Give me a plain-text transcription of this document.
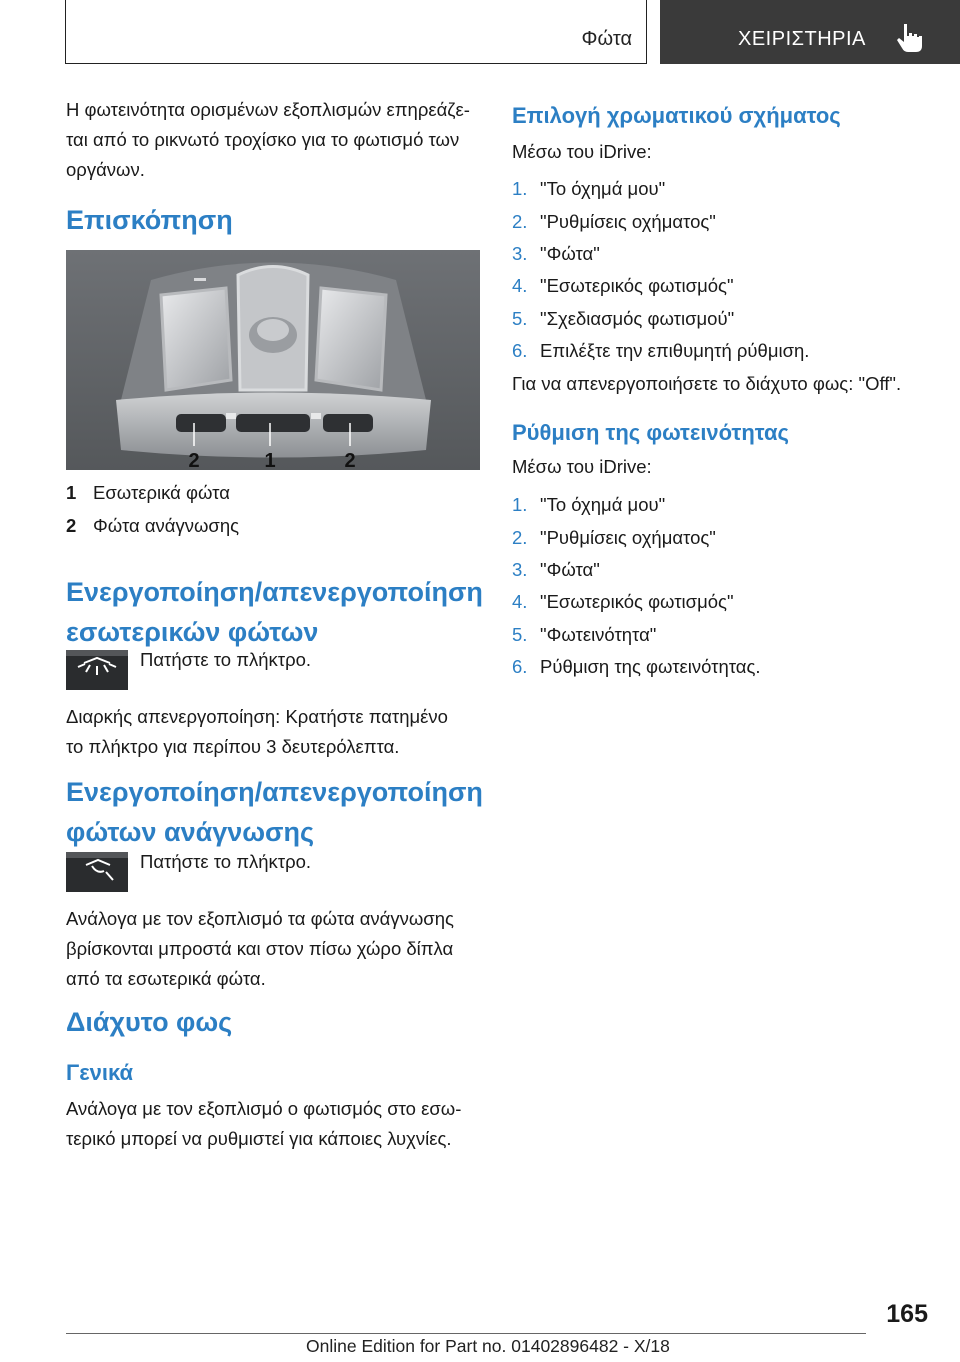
Φώτα	ΧΕΙΡΙΣΤΗΡΙΑ
Η φωτεινότητα ορισμένων εξοπλισμών επηρεάζε-
ται από το ρικνωτό τροχίσκο για το φωτισμό των
οργάνων.
Επισκόπηση
2	1	2
1 Εσωτερικά φώτα
2 Φώτα ανάγνωσης
Ενεργοποίηση/απενεργοποίηση
εσωτερικών φώτων
Πατήστε το πλήκτρο.
Διαρκής απενεργοποίηση: Κρατήστε πατημένο
το πλήκτρο για περίπου 3 δευτερόλεπτα.
Ενεργοποίηση/απενεργοποίηση
φώτων ανάγνωσης
Πατήστε το πλήκτρο.
Ανάλογα με τον εξοπλισμό τα φώτα ανάγνωσης
βρίσκονται μπροστά και στον πίσω χώρο δίπλα
από τα εσωτερικά φώτα.
Διάχυτο φως
Γενικά
Ανάλογα με τον εξοπλισμό ο φωτισμός στο εσω-
τερικό μπορεί να ρυθμιστεί για κάποιες λυχνίες.
Επιλογή χρωματικού σχήματος
Μέσω του iDrive:
1. "Το όχημά μου"
2. "Ρυθμίσεις οχήματος"
3. "Φώτα"
4. "Εσωτερικός φωτισμός"
5. "Σχεδιασμός φωτισμού"
6. Επιλέξτε την επιθυμητή ρύθμιση.
Για να απενεργοποιήσετε το διάχυτο φως: "Off".
Ρύθμιση της φωτεινότητας
Μέσω του iDrive:
1. "Το όχημά μου"
2. "Ρυθμίσεις οχήματος"
3. "Φώτα"
4. "Εσωτερικός φωτισμός"
5. "Φωτεινότητα"
6. Ρύθμιση της φωτεινότητας.
165
Online Edition for Part no. 01402896482 - X/18
